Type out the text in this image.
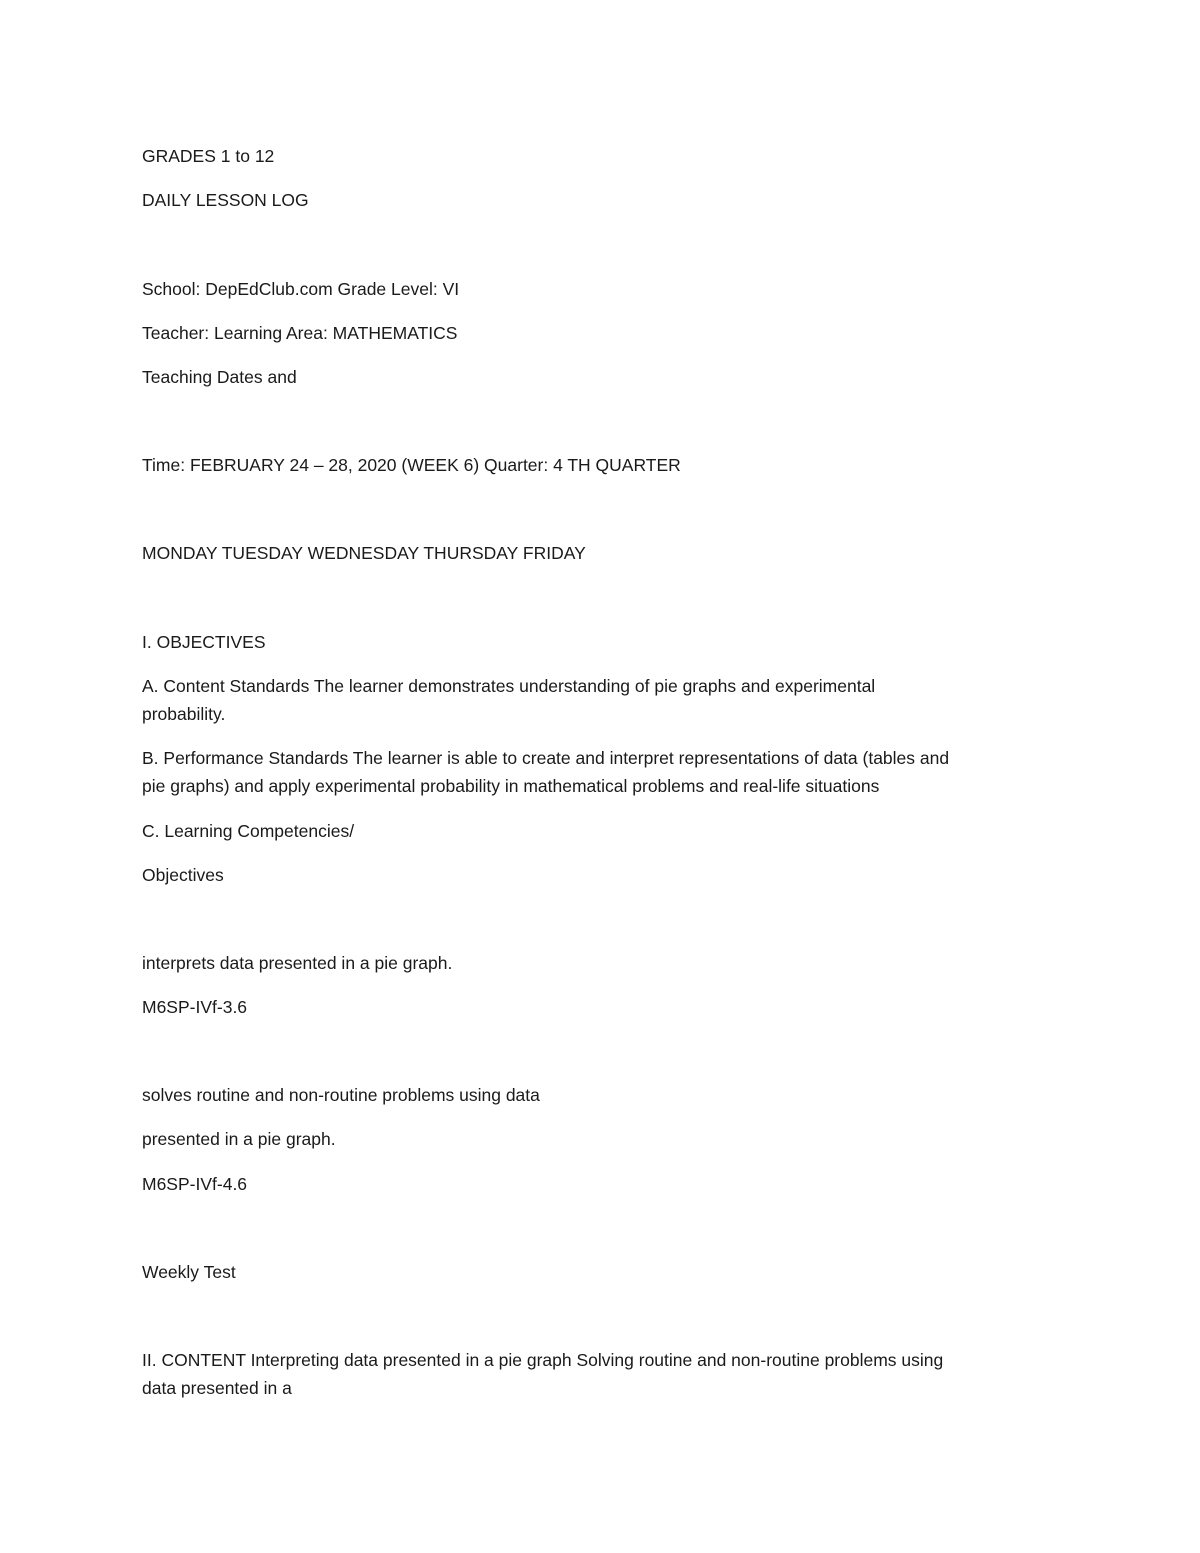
GRADES 1 to 12

DAILY LESSON LOG

School: DepEdClub.com Grade Level: VI

Teacher: Learning Area: MATHEMATICS

Teaching Dates and

Time: FEBRUARY 24 – 28, 2020 (WEEK 6) Quarter: 4 TH QUARTER

MONDAY TUESDAY WEDNESDAY THURSDAY FRIDAY

I. OBJECTIVES

A. Content Standards The learner demonstrates understanding of pie graphs and experimental

probability.

B. Performance Standards The learner is able to create and interpret representations of data (tables and

pie graphs) and apply experimental probability in mathematical problems and real-life situations

C. Learning Competencies/

Objectives

interprets data presented in a pie graph.

M6SP-IVf-3.6

solves routine and non-routine problems using data

presented in a pie graph.

M6SP-IVf-4.6

Weekly Test

II. CONTENT Interpreting data presented in a pie graph Solving routine and non-routine problems using

data presented in a
